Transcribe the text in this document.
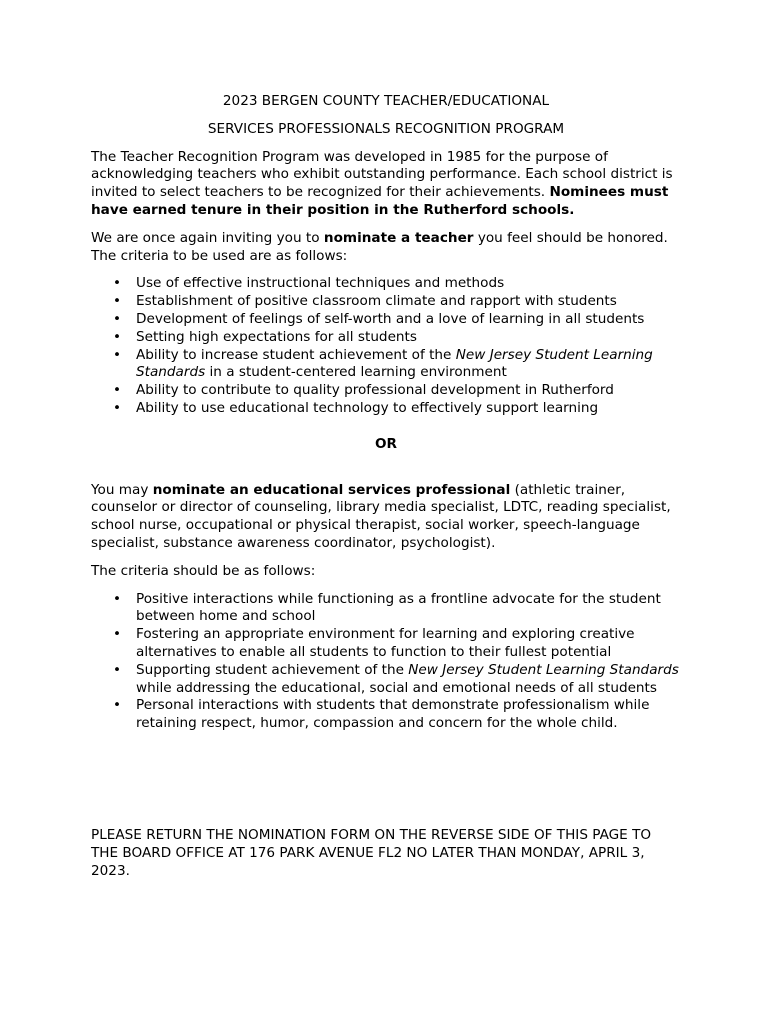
2023 BERGEN COUNTY TEACHER/EDUCATIONAL

SERVICES PROFESSIONALS RECOGNITION PROGRAM

The Teacher Recognition Program was developed in 1985 for the purpose of acknowledging teachers who exhibit outstanding performance. Each school district is invited to select teachers to be recognized for their achievements. Nominees must have earned tenure in their position in the Rutherford schools.

We are once again inviting you to nominate a teacher you feel should be honored. The criteria to be used are as follows:

• Use of effective instructional techniques and methods
• Establishment of positive classroom climate and rapport with students
• Development of feelings of self-worth and a love of learning in all students
• Setting high expectations for all students
• Ability to increase student achievement of the New Jersey Student Learning Standards in a student-centered learning environment
• Ability to contribute to quality professional development in Rutherford
• Ability to use educational technology to effectively support learning

OR

You may nominate an educational services professional (athletic trainer, counselor or director of counseling, library media specialist, LDTC, reading specialist, school nurse, occupational or physical therapist, social worker, speech-language specialist, substance awareness coordinator, psychologist).

The criteria should be as follows:

• Positive interactions while functioning as a frontline advocate for the student between home and school
• Fostering an appropriate environment for learning and exploring creative alternatives to enable all students to function to their fullest potential
• Supporting student achievement of the New Jersey Student Learning Standards while addressing the educational, social and emotional needs of all students
• Personal interactions with students that demonstrate professionalism while retaining respect, humor, compassion and concern for the whole child.

PLEASE RETURN THE NOMINATION FORM ON THE REVERSE SIDE OF THIS PAGE TO THE BOARD OFFICE AT 176 PARK AVENUE FL2 NO LATER THAN MONDAY, APRIL 3, 2023.
